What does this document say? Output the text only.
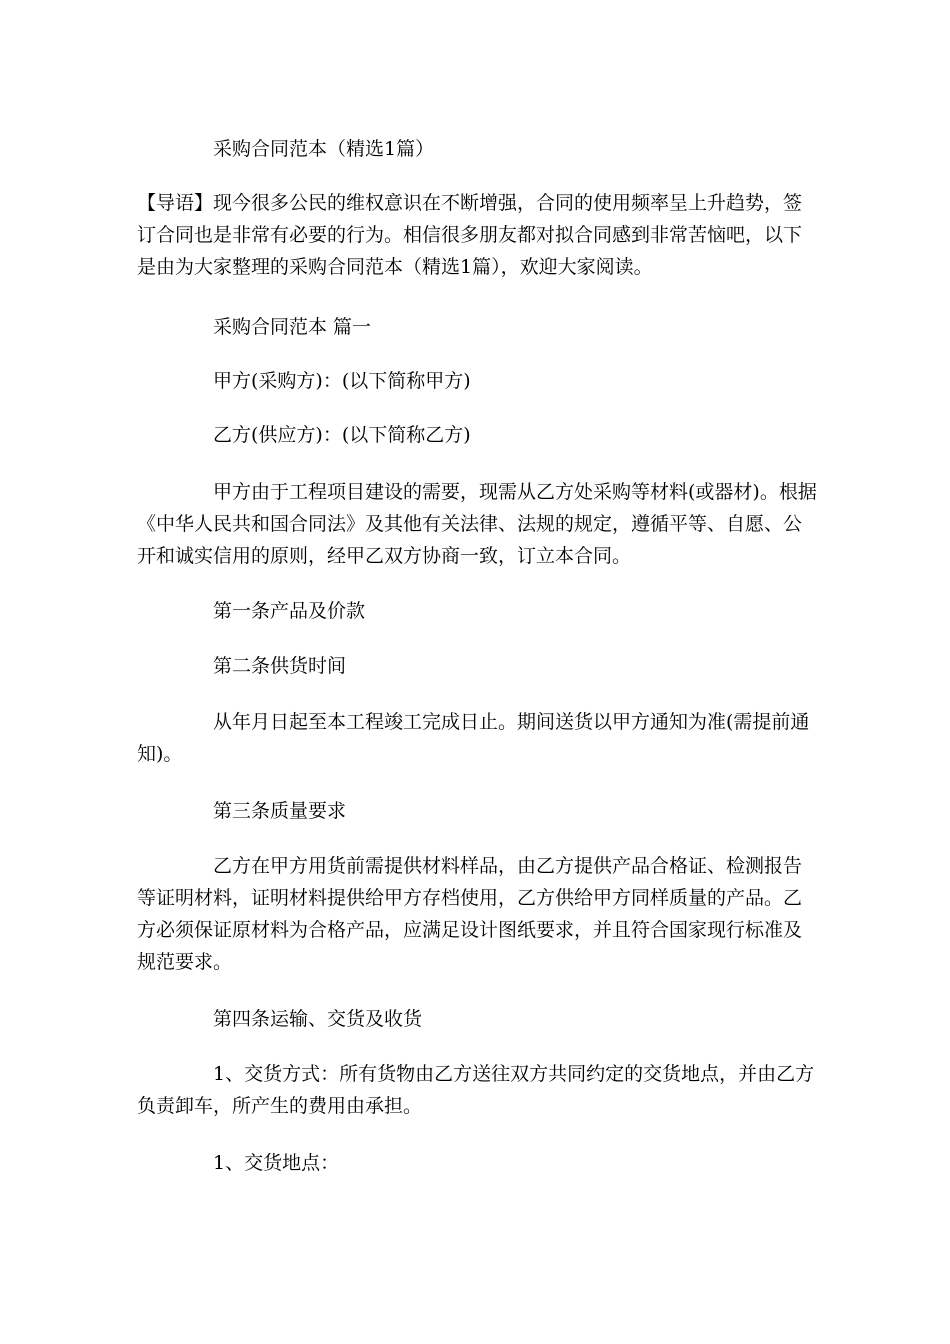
采购合同范本（精选1篇）

【导语】现今很多公民的维权意识在不断增强，合同的使用频率呈上升趋势，签订合同也是非常有必要的行为。相信很多朋友都对拟合同感到非常苦恼吧，以下是由为大家整理的采购合同范本（精选1篇），欢迎大家阅读。

采购合同范本 篇一

甲方(采购方)：(以下简称甲方)

乙方(供应方)：(以下简称乙方)

甲方由于工程项目建设的需要，现需从乙方处采购等材料(或器材)。根据《中华人民共和国合同法》及其他有关法律、法规的规定，遵循平等、自愿、公开和诚实信用的原则，经甲乙双方协商一致，订立本合同。

第一条产品及价款

第二条供货时间

从年月日起至本工程竣工完成日止。期间送货以甲方通知为准(需提前通知)。

第三条质量要求

乙方在甲方用货前需提供材料样品，由乙方提供产品合格证、检测报告等证明材料，证明材料提供给甲方存档使用，乙方供给甲方同样质量的产品。乙方必须保证原材料为合格产品，应满足设计图纸要求，并且符合国家现行标准及规范要求。

第四条运输、交货及收货

1、交货方式：所有货物由乙方送往双方共同约定的交货地点，并由乙方负责卸车，所产生的费用由承担。

1、交货地点：
